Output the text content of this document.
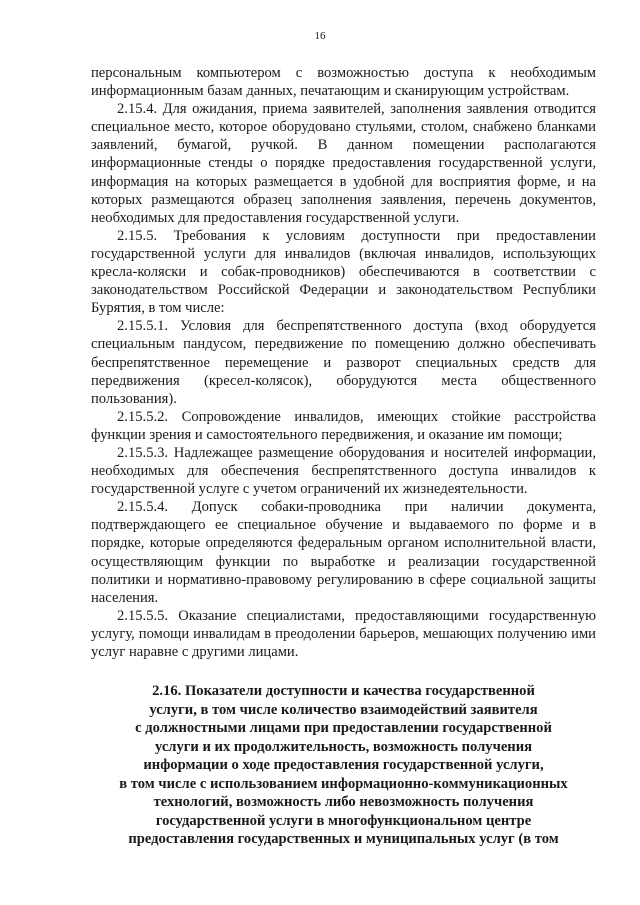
16

персональным компьютером с возможностью доступа к необходимым информационным базам данных, печатающим и сканирующим устройствам.

2.15.4. Для ожидания, приема заявителей, заполнения заявления отводится специальное место, которое оборудовано стульями, столом, снабжено бланками заявлений, бумагой, ручкой. В данном помещении располагаются информационные стенды о порядке предоставления государственной услуги, информация на которых размещается в удобной для восприятия форме, и на которых размещаются образец заполнения заявления, перечень документов, необходимых для предоставления государственной услуги.

2.15.5. Требования к условиям доступности при предоставлении государственной услуги для инвалидов (включая инвалидов, использующих кресла-коляски и собак-проводников) обеспечиваются в соответствии с законодательством Российской Федерации и законодательством Республики Бурятия, в том числе:

2.15.5.1. Условия для беспрепятственного доступа (вход оборудуется специальным пандусом, передвижение по помещению должно обеспечивать беспрепятственное перемещение и разворот специальных средств для передвижения (кресел-колясок), оборудуются места общественного пользования).

2.15.5.2. Сопровождение инвалидов, имеющих стойкие расстройства функции зрения и самостоятельного передвижения, и оказание им помощи;

2.15.5.3. Надлежащее размещение оборудования и носителей информации, необходимых для обеспечения беспрепятственного доступа инвалидов к государственной услуге с учетом ограничений их жизнедеятельности.

2.15.5.4. Допуск собаки-проводника при наличии документа, подтверждающего ее специальное обучение и выдаваемого по форме и в порядке, которые определяются федеральным органом исполнительной власти, осуществляющим функции по выработке и реализации государственной политики и нормативно-правовому регулированию в сфере социальной защиты населения.

2.15.5.5. Оказание специалистами, предоставляющими государственную услугу, помощи инвалидам в преодолении барьеров, мешающих получению ими услуг наравне с другими лицами.

2.16. Показатели доступности и качества государственной
услуги, в том числе количество взаимодействий заявителя
с должностными лицами при предоставлении государственной
услуги и их продолжительность, возможность получения
информации о ходе предоставления государственной услуги,
в том числе с использованием информационно-коммуникационных
технологий, возможность либо невозможность получения
государственной услуги в многофункциональном центре
предоставления государственных и муниципальных услуг (в том
